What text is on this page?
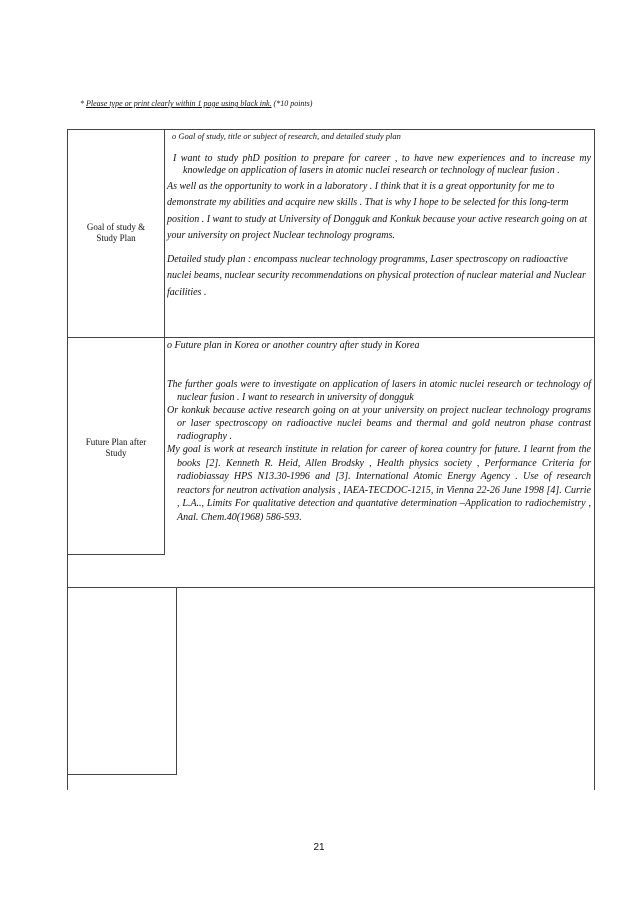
* Please type or print clearly within 1 page using black ink. (*10 points)
Goal of study & Study Plan
o Goal of study, title or subject of research, and detailed study plan

I want to study phD position to prepare for career , to have new experiences and to increase my knowledge on application of lasers in atomic nuclei research or technology of nuclear fusion .

As well as the opportunity to work in a laboratory . I think that it is a great opportunity for me to demonstrate my abilities and acquire new skills . That is why I hope to be selected for this long-term position . I want to study at University of Dongguk and Konkuk because your active research going on at your university on project Nuclear technology programs.

Detailed study plan : encompass nuclear technology programms, Laser spectroscopy on radioactive nuclei beams, nuclear security recommendations on physical protection of nuclear material and Nuclear facilities .

Future Plan after Study
o Future plan in Korea or another country after study in Korea

The further goals were to investigate on application of lasers in atomic nuclei research or technology of nuclear fusion . I want to research in university of dongguk

Or konkuk because active research going on at your university on project nuclear technology programs or laser spectroscopy on radioactive nuclei beams and thermal and gold neutron phase contrast radiography .

My goal is work at research institute in relation for career of korea country for future. I learnt from the books [2]. Kenneth R. Heid, Allen Brodsky , Health physics society , Performance Criteria for radiobiassay HPS N13.30-1996 and [3]. International Atomic Energy Agency . Use of research reactors for neutron activation analysis , IAEA-TECDOC-1215, in Vienna 22-26 June 1998 [4]. Currie , L.A.., Limits For qualitative detection and quantative determination –Application to radiochemistry , Anal. Chem.40(1968) 586-593.

21
